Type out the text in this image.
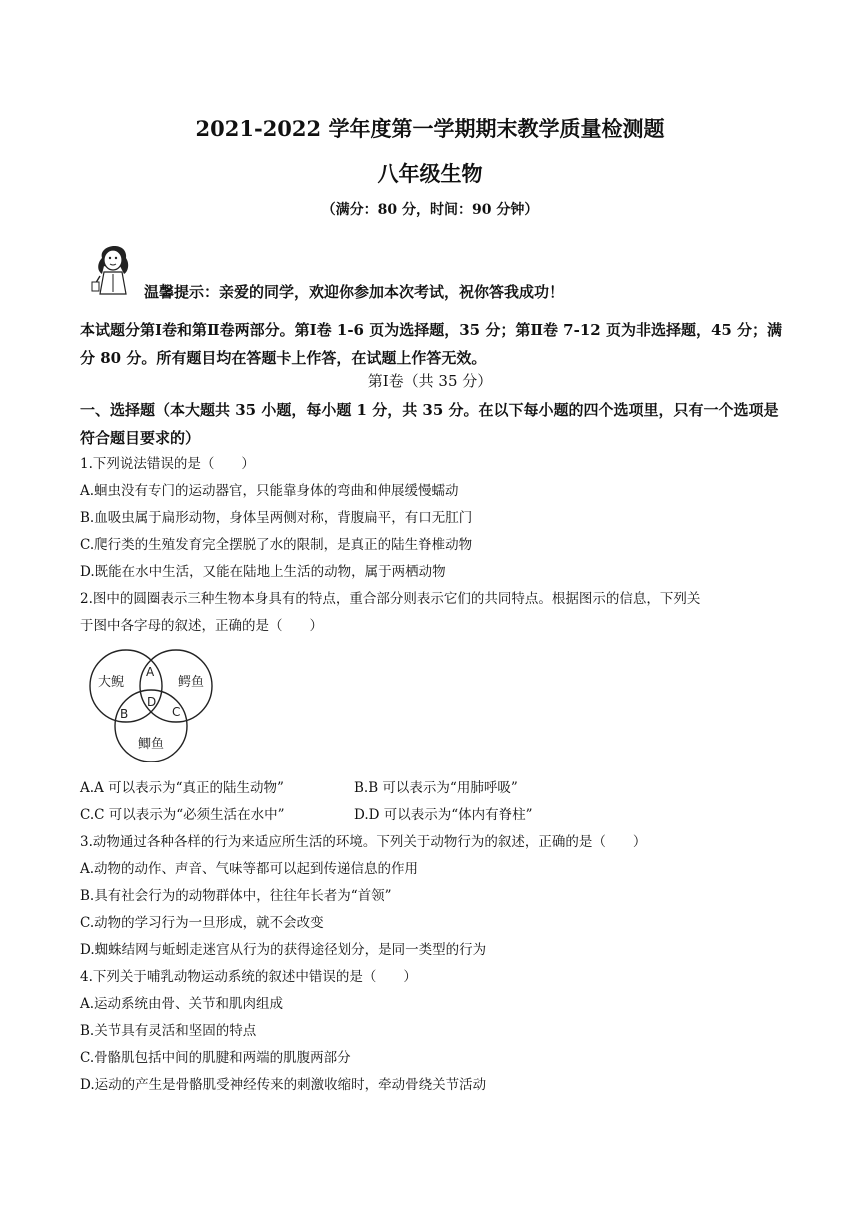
2021-2022 学年度第一学期期末教学质量检测题
八年级生物
（满分：80 分，时间：90 分钟）
温馨提示：亲爱的同学，欢迎你参加本次考试，祝你答我成功！
本试题分第Ⅰ卷和第Ⅱ卷两部分。第Ⅰ卷 1-6 页为选择题，35 分；第Ⅱ卷 7-12 页为非选择题，45 分；满分 80 分。所有题目均在答题卡上作答，在试题上作答无效。
第Ⅰ卷（共 35 分）
一、选择题（本大题共 35 小题，每小题 1 分，共 35 分。在以下每小题的四个选项里，只有一个选项是符合题目要求的）
1.下列说法错误的是（　　）
A.蛔虫没有专门的运动器官，只能靠身体的弯曲和伸展缓慢蠕动
B.血吸虫属于扁形动物，身体呈两侧对称，背腹扁平，有口无肛门
C.爬行类的生殖发育完全摆脱了水的限制，是真正的陆生脊椎动物
D.既能在水中生活，又能在陆地上生活的动物，属于两栖动物
2.图中的圆圈表示三种生物本身具有的特点，重合部分则表示它们的共同特点。根据图示的信息，下列关
于图中各字母的叙述，正确的是（　　）
大鲵	鳄鱼
鲫鱼
A
B	C
D
A.A 可以表示为“真正的陆生动物”	B.B 可以表示为“用肺呼吸”
C.C 可以表示为“必须生活在水中”	D.D 可以表示为“体内有脊柱”
3.动物通过各种各样的行为来适应所生活的环境。下列关于动物行为的叙述，正确的是（　　）
A.动物的动作、声音、气味等都可以起到传递信息的作用
B.具有社会行为的动物群体中，往往年长者为“首领”
C.动物的学习行为一旦形成，就不会改变
D.蜘蛛结网与蚯蚓走迷宫从行为的获得途径划分，是同一类型的行为
4.下列关于哺乳动物运动系统的叙述中错误的是（　　）
A.运动系统由骨、关节和肌肉组成
B.关节具有灵活和坚固的特点
C.骨骼肌包括中间的肌腱和两端的肌腹两部分
D.运动的产生是骨骼肌受神经传来的刺激收缩时，牵动骨绕关节活动
